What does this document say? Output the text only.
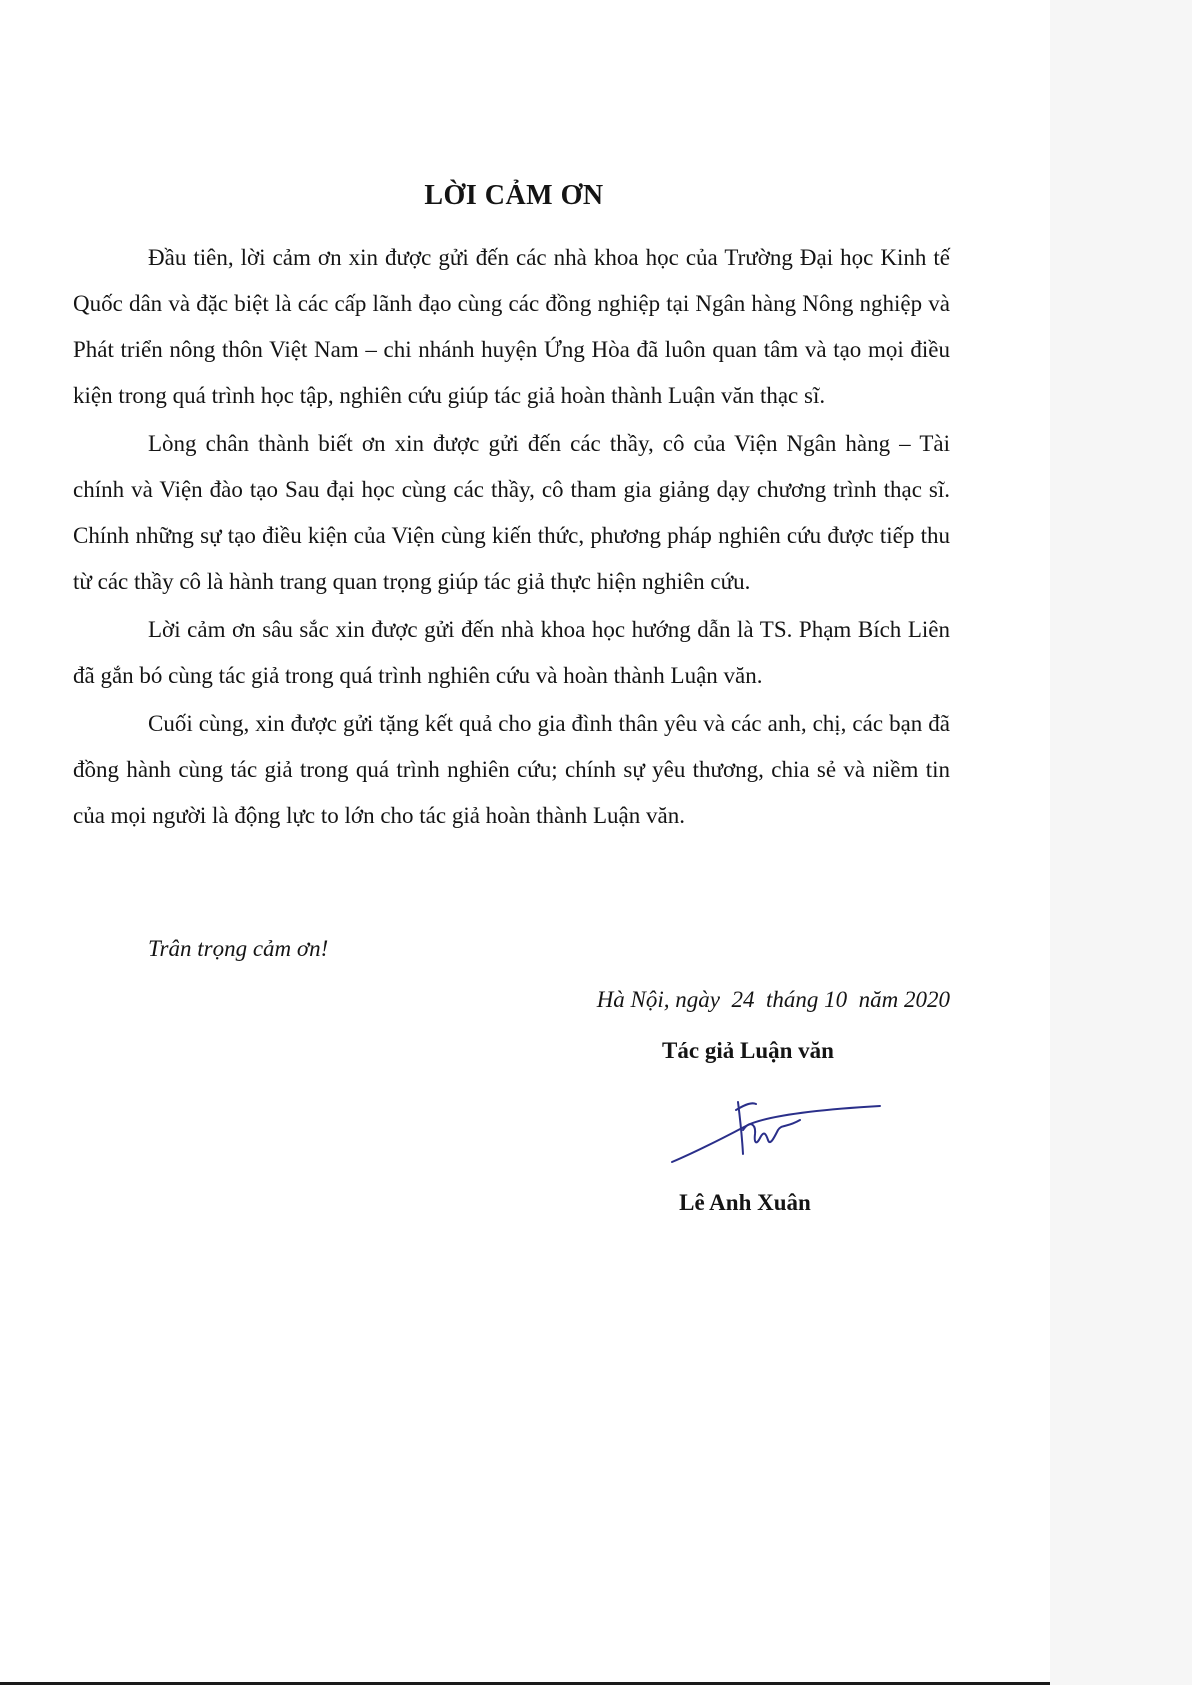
LỜI CẢM ƠN

Đầu tiên, lời cảm ơn xin được gửi đến các nhà khoa học của Trường Đại học Kinh tế Quốc dân và đặc biệt là các cấp lãnh đạo cùng các đồng nghiệp tại Ngân hàng Nông nghiệp và Phát triển nông thôn Việt Nam – chi nhánh huyện Ứng Hòa đã luôn quan tâm và tạo mọi điều kiện trong quá trình học tập, nghiên cứu giúp tác giả hoàn thành Luận văn thạc sĩ.

Lòng chân thành biết ơn xin được gửi đến các thầy, cô của Viện Ngân hàng – Tài chính và Viện đào tạo Sau đại học cùng các thầy, cô tham gia giảng dạy chương trình thạc sĩ. Chính những sự tạo điều kiện của Viện cùng kiến thức, phương pháp nghiên cứu được tiếp thu từ các thầy cô là hành trang quan trọng giúp tác giả thực hiện nghiên cứu.

Lời cảm ơn sâu sắc xin được gửi đến nhà khoa học hướng dẫn là TS. Phạm Bích Liên đã gắn bó cùng tác giả trong quá trình nghiên cứu và hoàn thành Luận văn.

Cuối cùng, xin được gửi tặng kết quả cho gia đình thân yêu và các anh, chị, các bạn đã đồng hành cùng tác giả trong quá trình nghiên cứu; chính sự yêu thương, chia sẻ và niềm tin của mọi người là động lực to lớn cho tác giả hoàn thành Luận văn.

Trân trọng cảm ơn!
Hà Nội, ngày  24  tháng 10  năm 2020
Tác giả Luận văn
Lê Anh Xuân
